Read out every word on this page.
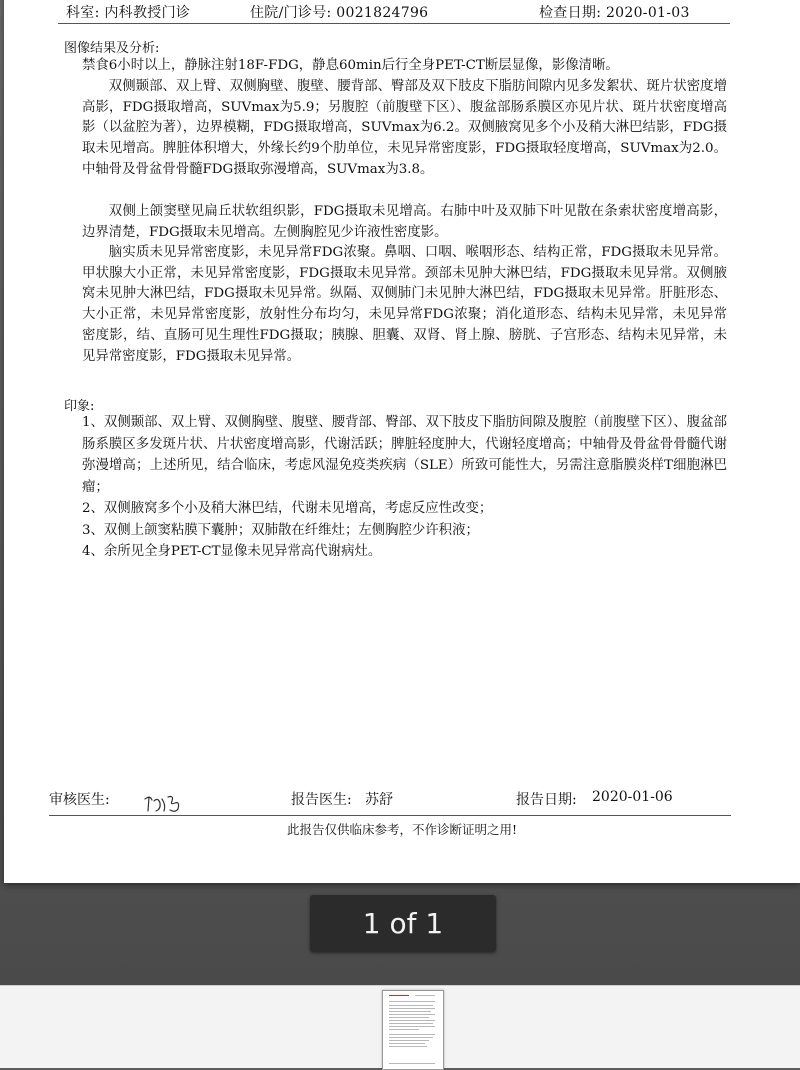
科室: 内科教授门诊	住院/门诊号: 0021824796	检查日期: 2020-01-03
图像结果及分析:

禁食6小时以上，静脉注射18F-FDG，静息60min后行全身PET-CT断层显像，影像清晰。

双侧颞部、双上臂、双侧胸壁、腹壁、腰背部、臀部及双下肢皮下脂肪间隙内见多发絮状、斑片状密度增高影，FDG摄取增高，SUVmax为5.9；另腹腔（前腹壁下区）、腹盆部肠系膜区亦见片状、斑片状密度增高影（以盆腔为著），边界模糊，FDG摄取增高，SUVmax为6.2。双侧腋窝见多个小及稍大淋巴结影，FDG摄取未见增高。脾脏体积增大，外缘长约9个肋单位，未见异常密度影，FDG摄取轻度增高，SUVmax为2.0。中轴骨及骨盆骨骨髓FDG摄取弥漫增高，SUVmax为3.8。

双侧上颌窦壁见扁丘状软组织影，FDG摄取未见增高。右肺中叶及双肺下叶见散在条索状密度增高影，边界清楚，FDG摄取未见增高。左侧胸腔见少许液性密度影。

脑实质未见异常密度影，未见异常FDG浓聚。鼻咽、口咽、喉咽形态、结构正常，FDG摄取未见异常。甲状腺大小正常，未见异常密度影，FDG摄取未见异常。颈部未见肿大淋巴结，FDG摄取未见异常。双侧腋窝未见肿大淋巴结，FDG摄取未见异常。纵隔、双侧肺门未见肿大淋巴结，FDG摄取未见异常。肝脏形态、大小正常，未见异常密度影，放射性分布均匀，未见异常FDG浓聚；消化道形态、结构未见异常，未见异常密度影，结、直肠可见生理性FDG摄取；胰腺、胆囊、双肾、肾上腺、膀胱、子宫形态、结构未见异常，未见异常密度影，FDG摄取未见异常。

印象:
1、双侧颞部、双上臂、双侧胸壁、腹壁、腰背部、臀部、双下肢皮下脂肪间隙及腹腔（前腹壁下区）、腹盆部肠系膜区多发斑片状、片状密度增高影，代谢活跃；脾脏轻度肿大，代谢轻度增高；中轴骨及骨盆骨骨髓代谢弥漫增高；上述所见，结合临床，考虑风湿免疫类疾病（SLE）所致可能性大，另需注意脂膜炎样T细胞淋巴瘤；
2、双侧腋窝多个小及稍大淋巴结，代谢未见增高，考虑反应性改变；
3、双侧上颌窦粘膜下囊肿；双肺散在纤维灶；左侧胸腔少许积液；
4、余所见全身PET-CT显像未见异常高代谢病灶。
审核医生:	报告医生: 苏舒	报告日期: 2020-01-06
此报告仅供临床参考，不作诊断证明之用!
1 of 1
